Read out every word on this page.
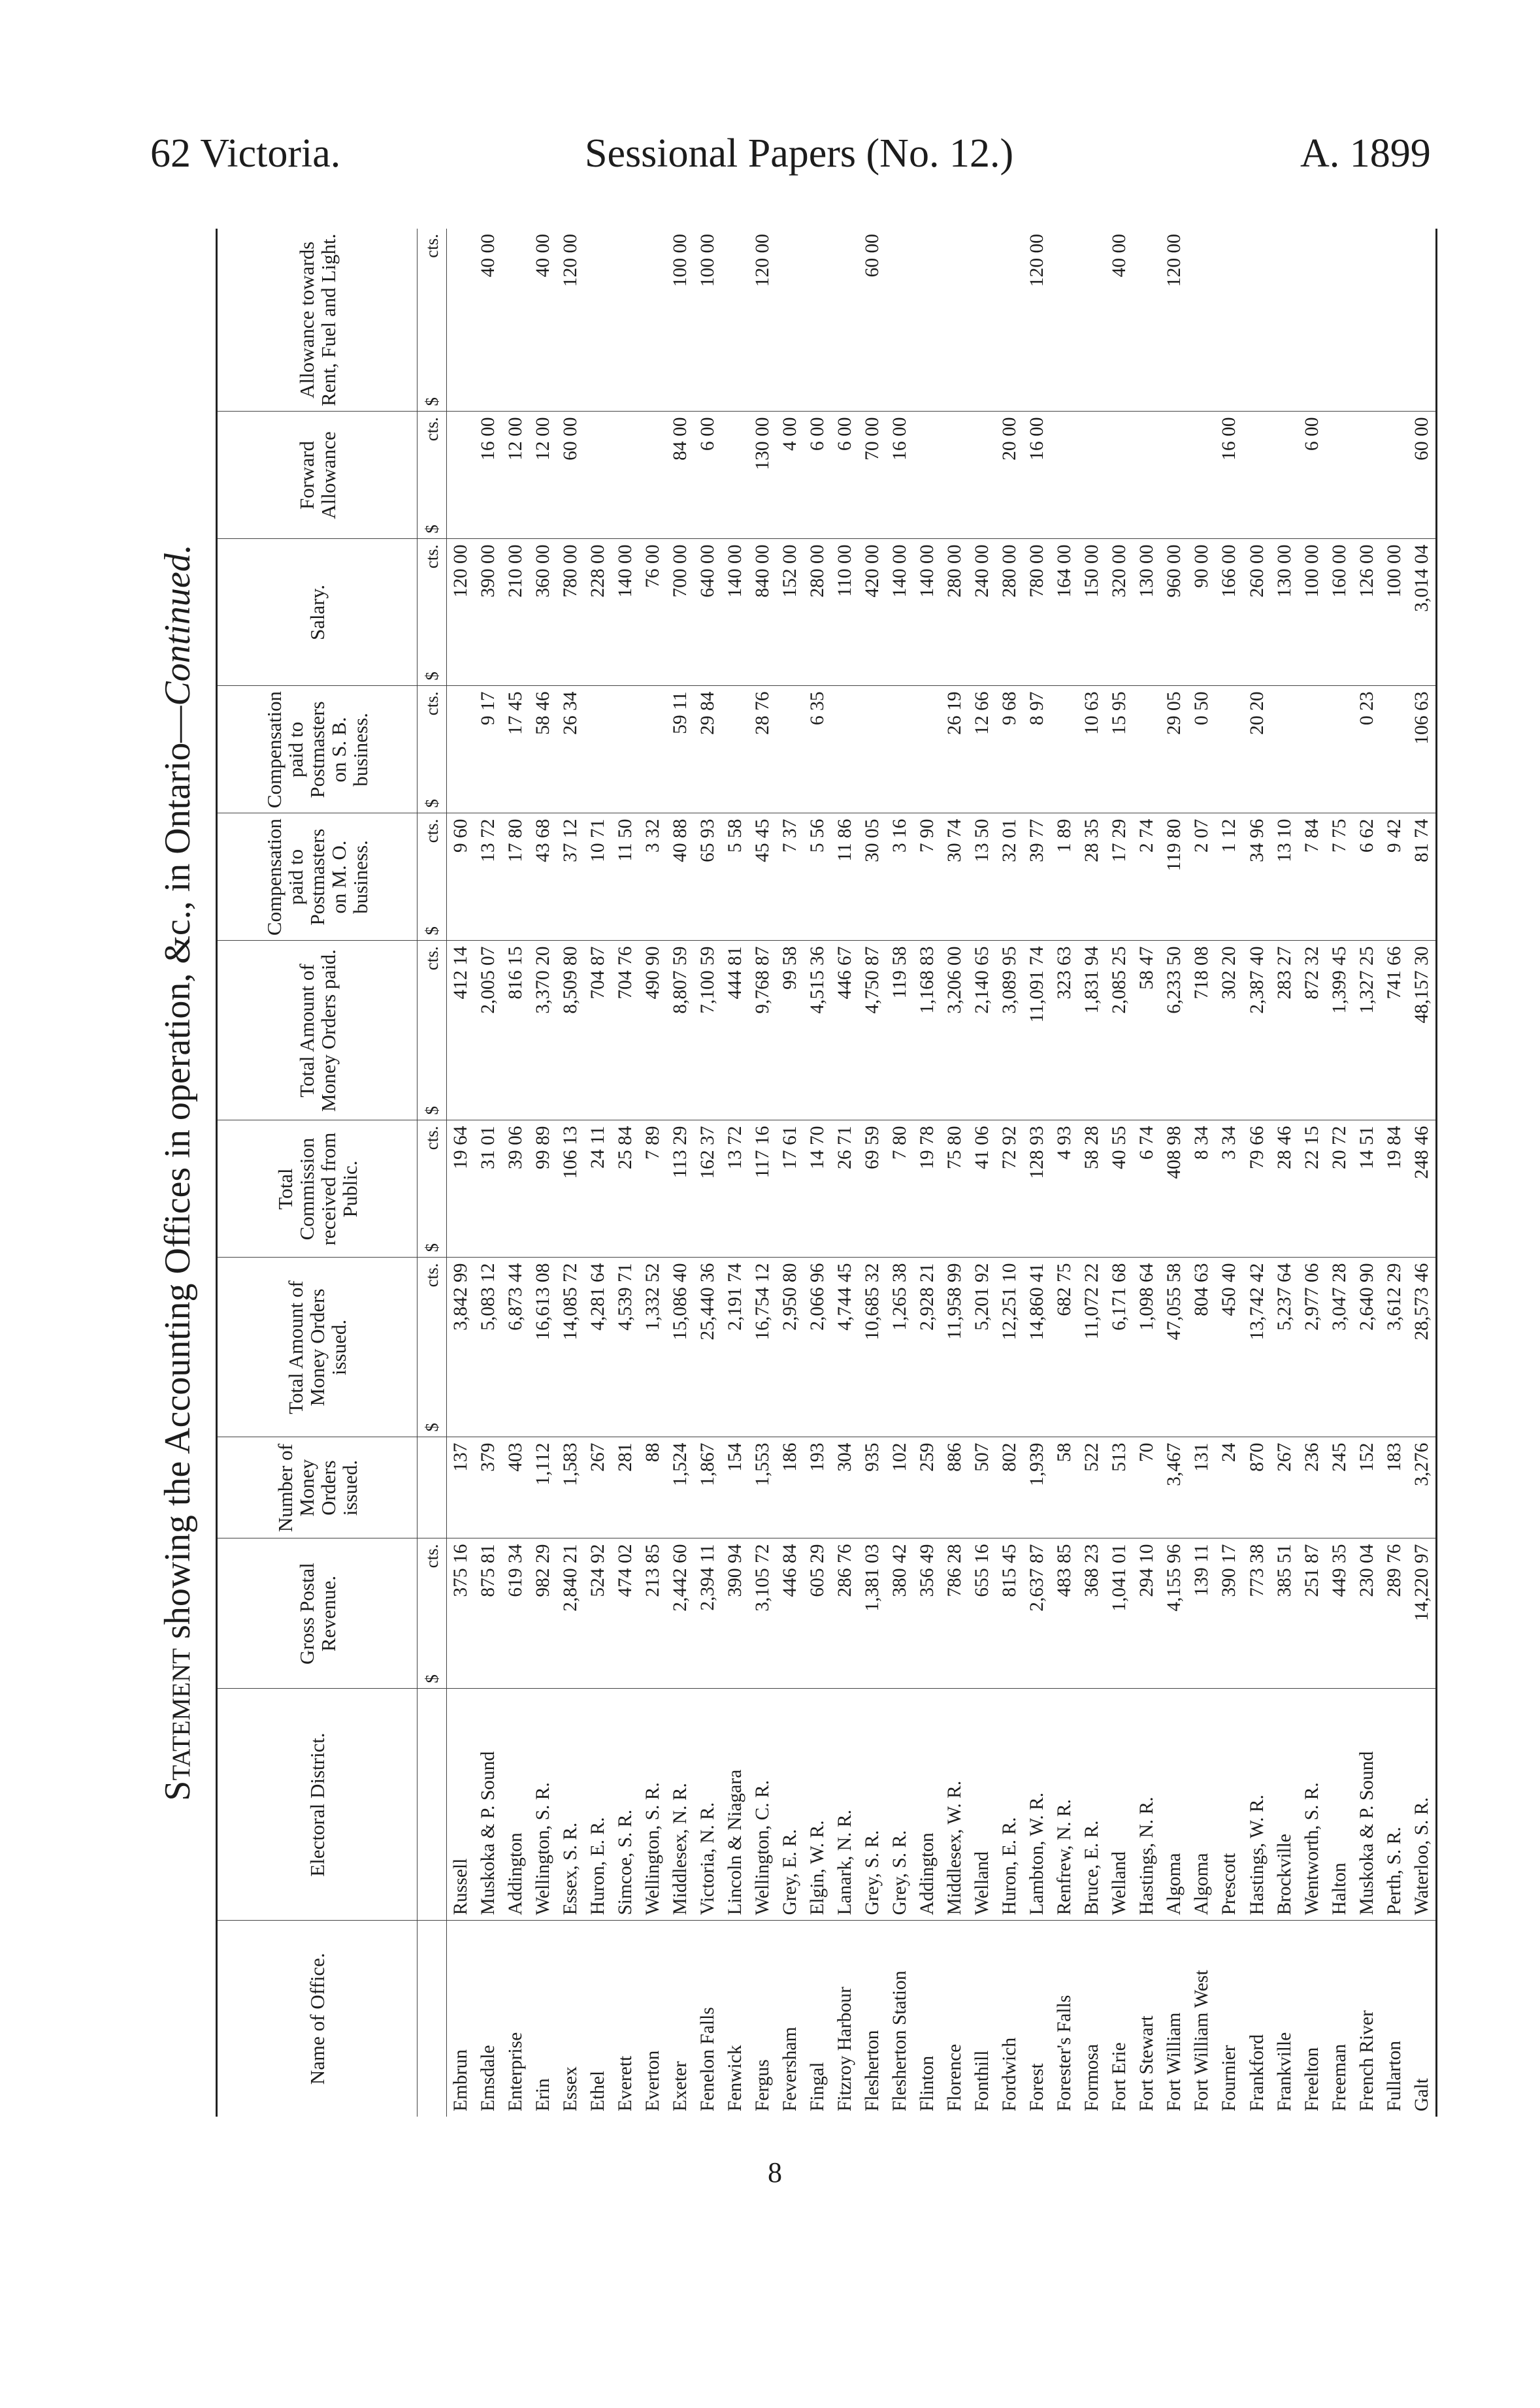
62 Victoria.	Sessional Papers (No. 12.)	A. 1899
Statement showing the Accounting Offices in operation, &c., in Ontario—Continued.
Name of Office.	Electoral District.	Gross Postal Revenue.	Number of Money Orders issued.	Total Amount of Money Orders issued.	Total Commission received from Public.	Total Amount of Money Orders paid.	Compensation paid to Postmasters on M. O. business.	Compensation paid to Postmasters on S. B. business.	Salary.	Forward Allowance	Allowance towards Rent, Fuel and Light.

		$
cts.		$
cts.	$
cts.	$
cts.	$
cts.	$
cts.	$
cts.	$
cts.	$
cts.

Embrun	Russell	375 16	137	3,842 99	19 64	412 14	9 60		120 00		
Emsdale	Muskoka & P. Sound	875 81	379	5,083 12	31 01	2,005 07	13 72	9 17	390 00	16 00	40 00
Enterprise	Addington	619 34	403	6,873 44	39 06	816 15	17 80	17 45	210 00	12 00	
Erin	Wellington, S. R.	982 29	1,112	16,613 08	99 89	3,370 20	43 68	58 46	360 00	12 00	40 00
Essex	Essex, S. R.	2,840 21	1,583	14,085 72	106 13	8,509 80	37 12	26 34	780 00	60 00	120 00
Ethel	Huron, E. R.	524 92	267	4,281 64	24 11	704 87	10 71		228 00		
Everett	Simcoe, S. R.	474 02	281	4,539 71	25 84	704 76	11 50		140 00		
Everton	Wellington, S. R.	213 85	88	1,332 52	7 89	490 90	3 32		76 00		
Exeter	Middlesex, N. R.	2,442 60	1,524	15,086 40	113 29	8,807 59	40 88	59 11	700 00	84 00	100 00
Fenelon Falls	Victoria, N. R.	2,394 11	1,867	25,440 36	162 37	7,100 59	65 93	29 84	640 00	6 00	100 00
Fenwick	Lincoln & Niagara	390 94	154	2,191 74	13 72	444 81	5 58		140 00		
Fergus	Wellington, C. R.	3,105 72	1,553	16,754 12	117 16	9,768 87	45 45	28 76	840 00	130 00	120 00
Feversham	Grey, E. R.	446 84	186	2,950 80	17 61	99 58	7 37		152 00	4 00	
Fingal	Elgin, W. R.	605 29	193	2,066 96	14 70	4,515 36	5 56	6 35	280 00	6 00	
Fitzroy Harbour	Lanark, N. R.	286 76	304	4,744 45	26 71	446 67	11 86		110 00	6 00	
Flesherton	Grey, S. R.	1,381 03	935	10,685 32	69 59	4,750 87	30 05		420 00	70 00	60 00
Flesherton Station	Grey, S. R.	380 42	102	1,265 38	7 80	119 58	3 16		140 00	16 00	
Flinton	Addington	356 49	259	2,928 21	19 78	1,168 83	7 90		140 00		
Florence	Middlesex, W. R.	786 28	886	11,958 99	75 80	3,206 00	30 74	26 19	280 00		
Fonthill	Welland	655 16	507	5,201 92	41 06	2,140 65	13 50	12 66	240 00		
Fordwich	Huron, E. R.	815 45	802	12,251 10	72 92	3,089 95	32 01	9 68	280 00	20 00	
Forest	Lambton, W. R.	2,637 87	1,939	14,860 41	128 93	11,091 74	39 77	8 97	780 00	16 00	120 00
Forester's Falls	Renfrew, N. R.	483 85	58	682 75	4 93	323 63	1 89		164 00		
Formosa	Bruce, E. R.	368 23	522	11,072 22	58 28	1,831 94	28 35	10 63	150 00		
Fort Erie	Welland	1,041 01	513	6,171 68	40 55	2,085 25	17 29	15 95	320 00		40 00
Fort Stewart	Hastings, N. R.	294 10	70	1,098 64	6 74	58 47	2 74		130 00		
Fort William	Algoma	4,155 96	3,467	47,055 58	408 98	6,233 50	119 80	29 05	960 00		120 00
Fort William West	Algoma	139 11	131	804 63	8 34	718 08	2 07	0 50	90 00		
Fournier	Prescott	390 17	24	450 40	3 34	302 20	1 12		166 00	16 00	
Frankford	Hastings, W. R.	773 38	870	13,742 42	79 66	2,387 40	34 96	20 20	260 00		
Frankville	Brockville	385 51	267	5,237 64	28 46	283 27	13 10		130 00		
Freelton	Wentworth, S. R.	251 87	236	2,977 06	22 15	872 32	7 84		100 00	6 00	
Freeman	Halton	449 35	245	3,047 28	20 72	1,399 45	7 75		160 00		
French River	Muskoka & P. Sound	230 04	152	2,640 90	14 51	1,327 25	6 62	0 23	126 00		
Fullarton	Perth, S. R.	289 76	183	3,612 29	19 84	741 66	9 42		100 00		
Galt	Waterloo, S. R.	14,220 97	3,276	28,573 46	248 46	48,157 30	81 74	106 63	3,014 04	60 00	
8
